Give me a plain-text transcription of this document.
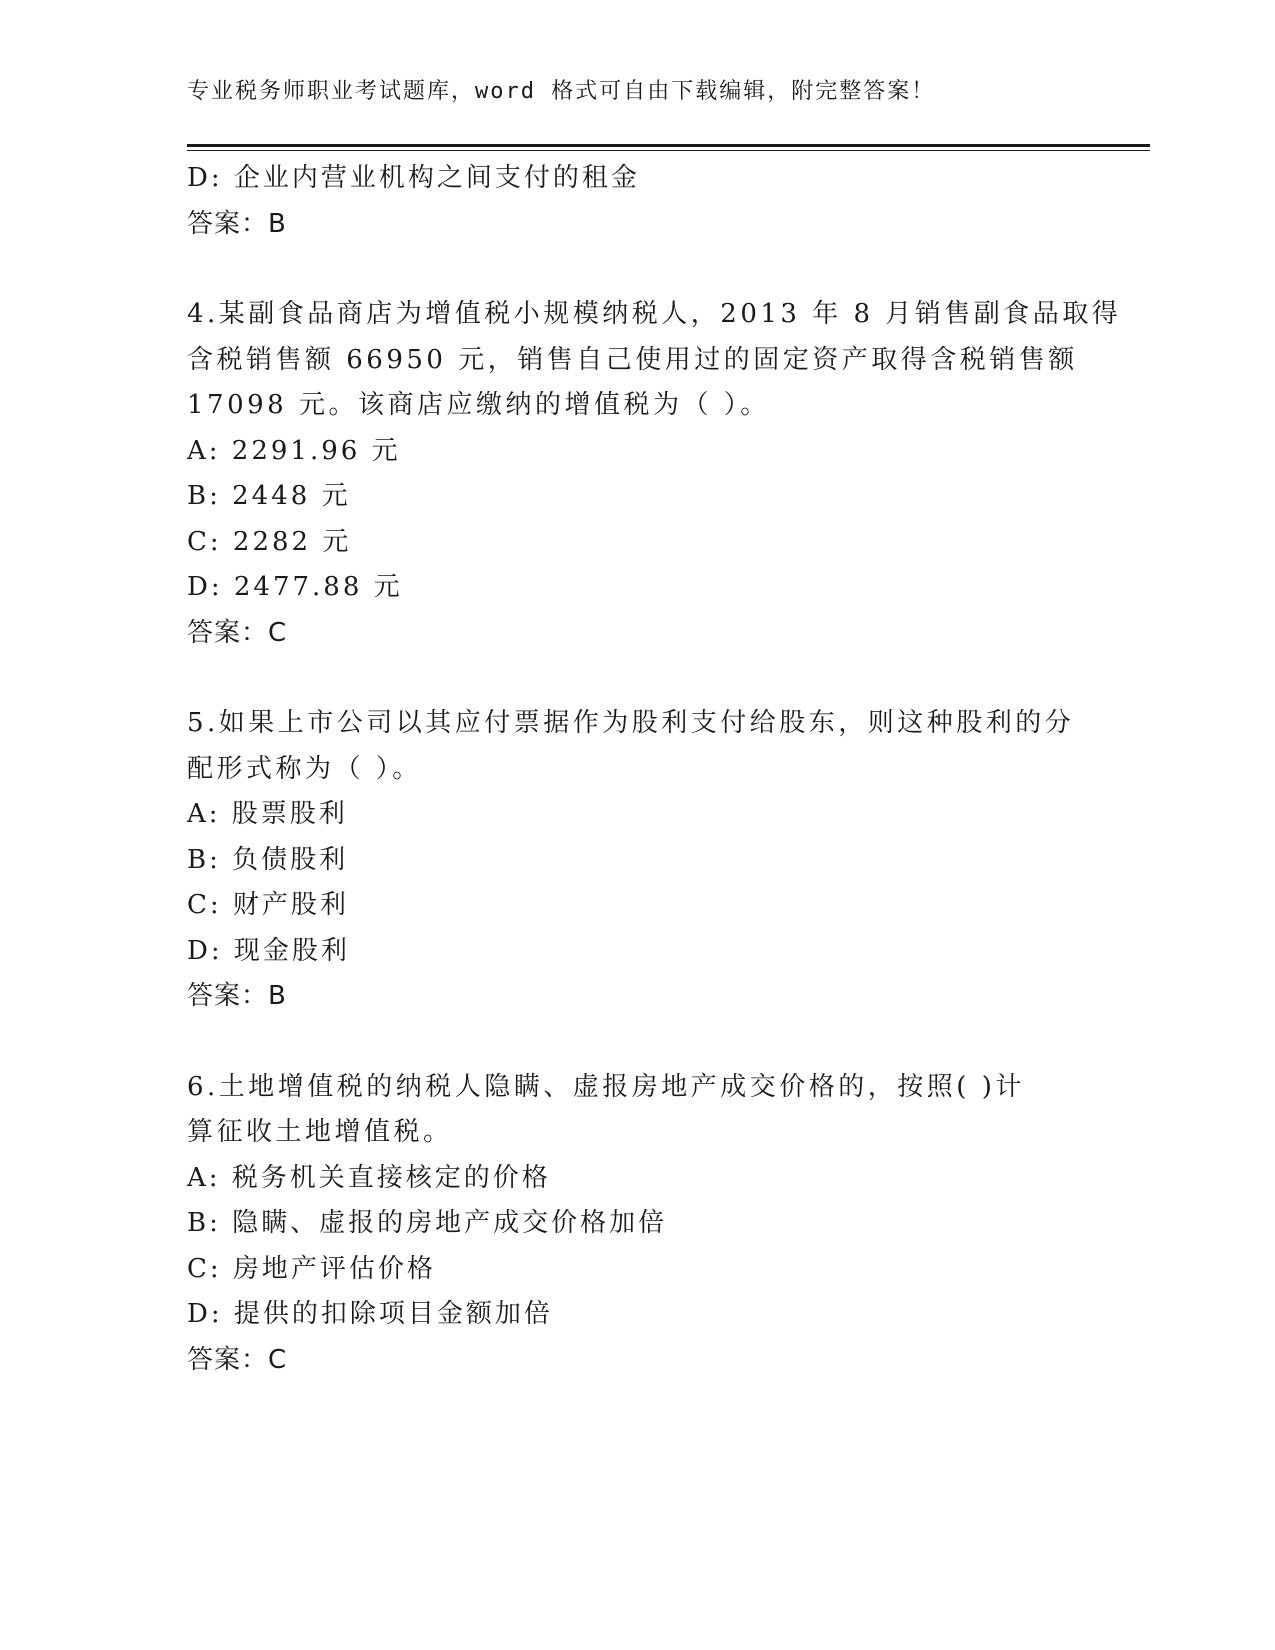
专业税务师职业考试题库，word 格式可自由下载编辑，附完整答案！
D: 企业内营业机构之间支付的租金
答案：B
4.某副食品商店为增值税小规模纳税人，2013 年 8 月销售副食品取得
含税销售额 66950 元，销售自己使用过的固定资产取得含税销售额
17098 元。该商店应缴纳的增值税为（ ）。
A: 2291.96 元
B: 2448 元
C: 2282 元
D: 2477.88 元
答案：C
5.如果上市公司以其应付票据作为股利支付给股东，则这种股利的分
配形式称为（ ）。
A: 股票股利
B: 负债股利
C: 财产股利
D: 现金股利
答案：B
6.土地增值税的纳税人隐瞒、虚报房地产成交价格的，按照( )计
算征收土地增值税。
A: 税务机关直接核定的价格
B: 隐瞒、虚报的房地产成交价格加倍
C: 房地产评估价格
D: 提供的扣除项目金额加倍
答案：C
